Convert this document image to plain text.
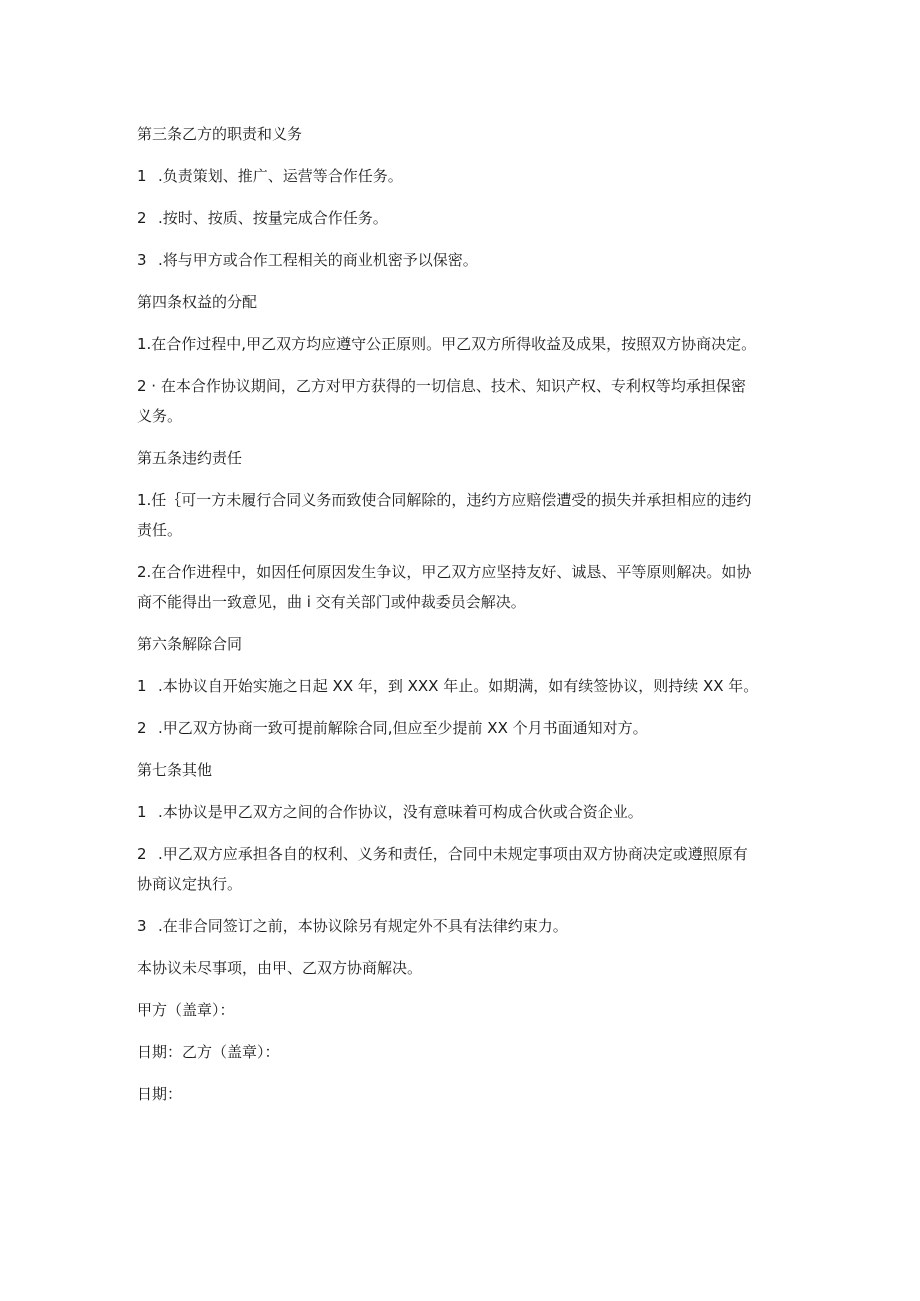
第三条乙方的职责和义务
1 .负责策划、推广、运营等合作任务。
2 .按时、按质、按量完成合作任务。
3 .将与甲方或合作工程相关的商业机密予以保密。
第四条权益的分配
1.在合作过程中,甲乙双方均应遵守公正原则。甲乙双方所得收益及成果，按照双方协商决定。
2 · 在本合作协议期间，乙方对甲方获得的一切信息、技术、知识产权、专利权等均承担保密
义务。
第五条违约责任
1.任｛可一方未履行合同义务而致使合同解除的，违约方应赔偿遭受的损失并承担相应的违约
责任。
2.在合作进程中，如因任何原因发生争议，甲乙双方应坚持友好、诚恳、平等原则解决。如协
商不能得出一致意见，曲 i 交有关部门或仲裁委员会解决。
第六条解除合同
1 .本协议自开始实施之日起 XX 年，到 XXX 年止。如期满，如有续签协议，则持续 XX 年。
2 .甲乙双方协商一致可提前解除合同,但应至少提前 XX 个月书面通知对方。
第七条其他
1 .本协议是甲乙双方之间的合作协议，没有意味着可构成合伙或合资企业。
2 .甲乙双方应承担各自的权利、义务和责任，合同中未规定事项由双方协商决定或遵照原有
协商议定执行。
3 .在非合同签订之前，本协议除另有规定外不具有法律约束力。
本协议未尽事项，由甲、乙双方协商解决。
甲方（盖章）：
日期：乙方（盖章）：
日期：
